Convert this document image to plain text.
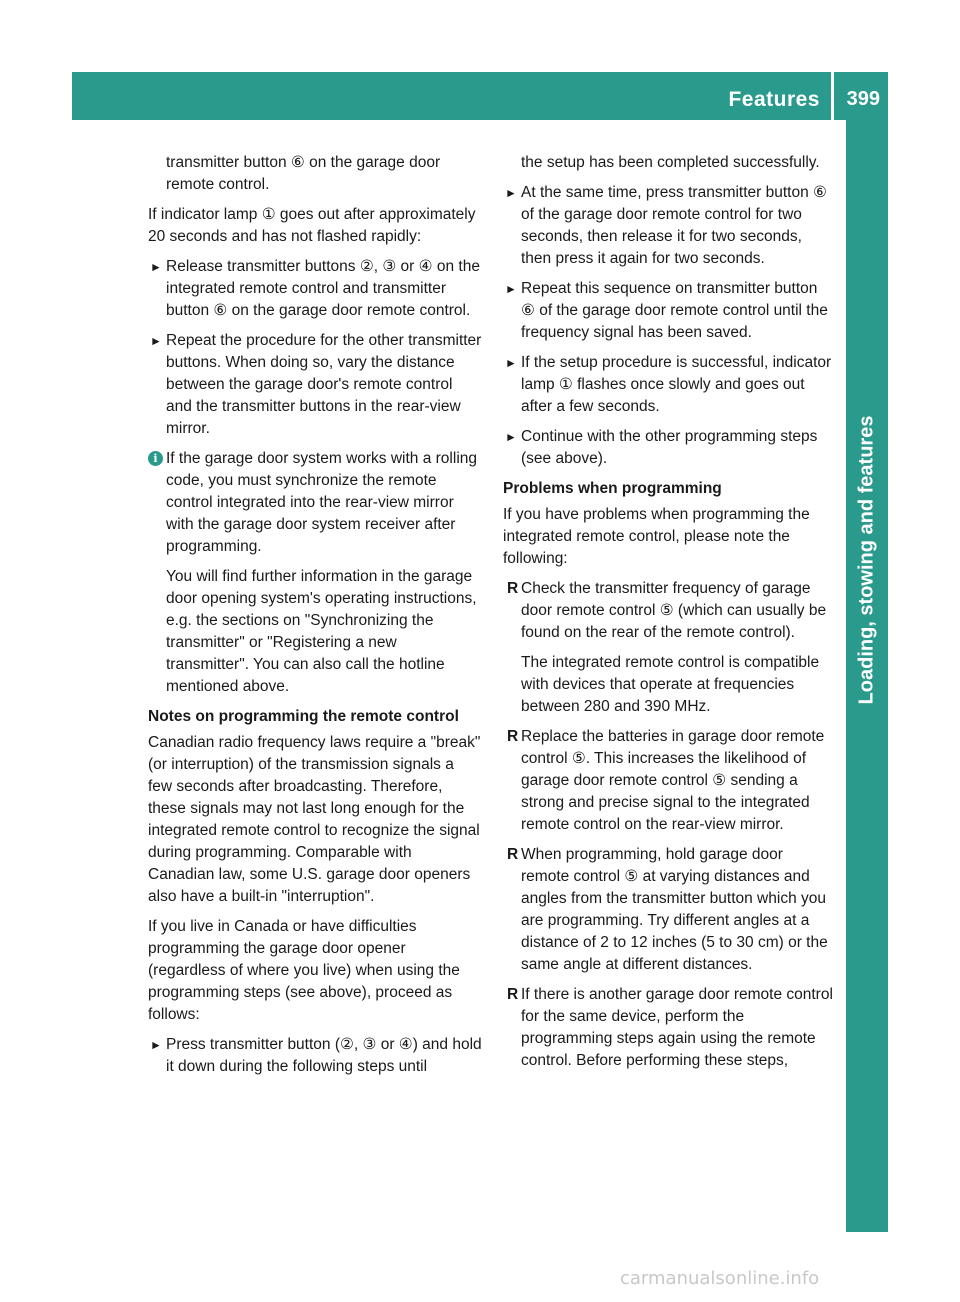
Features 399
Loading, stowing and features

transmitter button ⑥ on the garage door remote control.

If indicator lamp ① goes out after approximately 20 seconds and has not flashed rapidly:

► Release transmitter buttons ②, ③ or ④ on the integrated remote control and transmitter button ⑥ on the garage door remote control.
► Repeat the procedure for the other transmitter buttons. When doing so, vary the distance between the garage door's remote control and the transmitter buttons in the rear-view mirror.
i If the garage door system works with a rolling code, you must synchronize the remote control integrated into the rear-view mirror with the garage door system receiver after programming.

You will find further information in the garage door opening system's operating instructions, e.g. the sections on "Synchronizing the transmitter" or "Registering a new transmitter". You can also call the hotline mentioned above.

Notes on programming the remote control

Canadian radio frequency laws require a "break" (or interruption) of the transmission signals a few seconds after broadcasting. Therefore, these signals may not last long enough for the integrated remote control to recognize the signal during programming. Comparable with Canadian law, some U.S. garage door openers also have a built-in "interruption".

If you live in Canada or have difficulties programming the garage door opener (regardless of where you live) when using the programming steps (see above), proceed as follows:

► Press transmitter button (②, ③ or ④) and hold it down during the following steps until

the setup has been completed successfully.

► At the same time, press transmitter button ⑥ of the garage door remote control for two seconds, then release it for two seconds, then press it again for two seconds.
► Repeat this sequence on transmitter button ⑥ of the garage door remote control until the frequency signal has been saved.
► If the setup procedure is successful, indicator lamp ① flashes once slowly and goes out after a few seconds.
► Continue with the other programming steps (see above).

Problems when programming

If you have problems when programming the integrated remote control, please note the following:

R Check the transmitter frequency of garage door remote control ⑤ (which can usually be found on the rear of the remote control).

The integrated remote control is compatible with devices that operate at frequencies between 280 and 390 MHz.

R Replace the batteries in garage door remote control ⑤. This increases the likelihood of garage door remote control ⑤ sending a strong and precise signal to the integrated remote control on the rear-view mirror.
R When programming, hold garage door remote control ⑤ at varying distances and angles from the transmitter button which you are programming. Try different angles at a distance of 2 to 12 inches (5 to 30 cm) or the same angle at different distances.
R If there is another garage door remote control for the same device, perform the programming steps again using the remote control. Before performing these steps,
carmanualsonline.info
